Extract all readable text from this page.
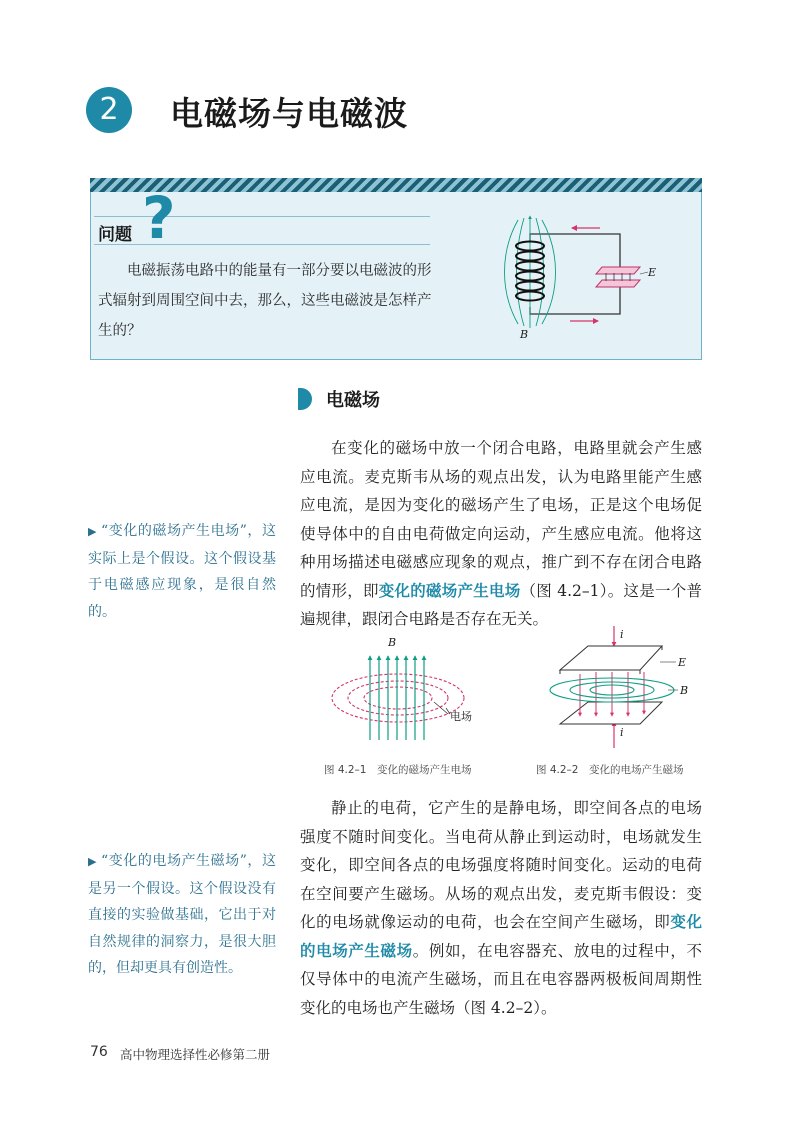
2	电磁场与电磁波
问题 ?
电磁振荡电路中的能量有一部分要以电磁波的形式辐射到周围空间中去，那么，这些电磁波是怎样产生的？
E
B
电磁场

在变化的磁场中放一个闭合电路，电路里就会产生感应电流。麦克斯韦从场的观点出发，认为电路里能产生感应电流，是因为变化的磁场产生了电场，正是这个电场促使导体中的自由电荷做定向运动，产生感应电流。他将这种用场描述电磁感应现象的观点，推广到不存在闭合电路的情形，即变化的磁场产生电场（图 4.2–1）。这是一个普遍规律，跟闭合电路是否存在无关。

▶ “变化的磁场产生电场”，这实际上是个假设。这个假设基于电磁感应现象，是很自然的。

B
电场
图 4.2–1　变化的磁场产生电场
i
i
E
B
图 4.2–2　变化的电场产生磁场

静止的电荷，它产生的是静电场，即空间各点的电场强度不随时间变化。当电荷从静止到运动时，电场就发生变化，即空间各点的电场强度将随时间变化。运动的电荷在空间要产生磁场。从场的观点出发，麦克斯韦假设：变化的电场就像运动的电荷，也会在空间产生磁场，即变化的电场产生磁场。例如，在电容器充、放电的过程中，不仅导体中的电流产生磁场，而且在电容器两极板间周期性变化的电场也产生磁场（图 4.2–2）。

▶ “变化的电场产生磁场”，这是另一个假设。这个假设没有直接的实验做基础，它出于对自然规律的洞察力，是很大胆的，但却更具有创造性。

76 高中物理选择性必修第二册
